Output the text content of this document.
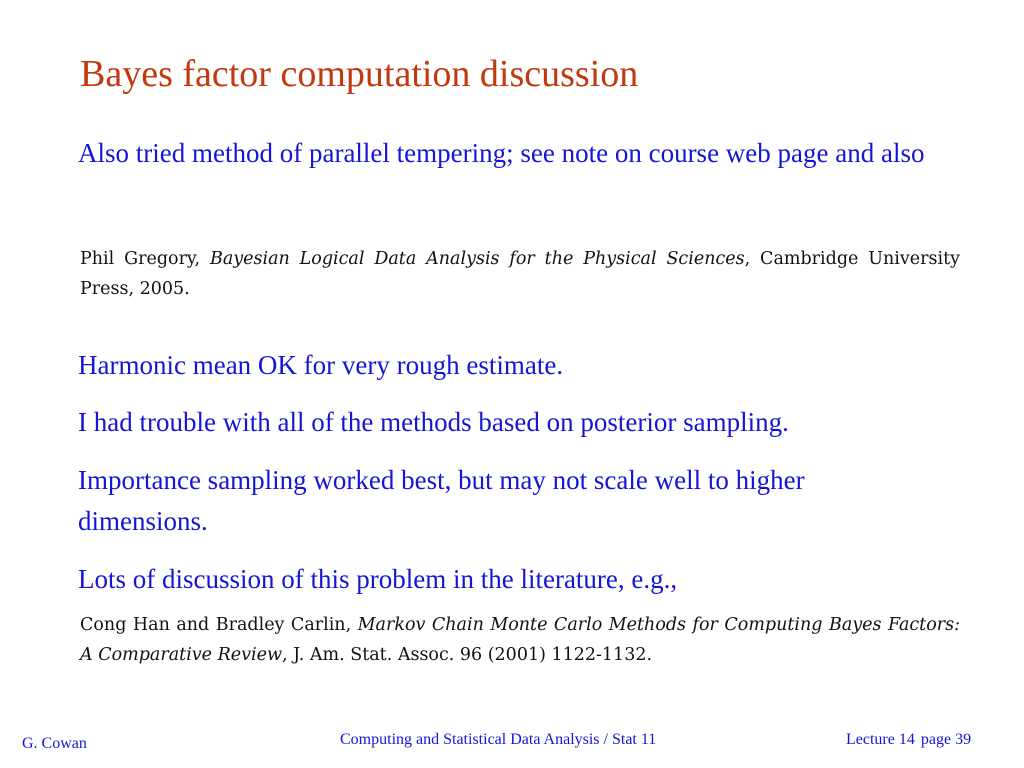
Bayes factor computation discussion
Also tried method of parallel tempering; see note on course web page and also
Phil Gregory, Bayesian Logical Data Analysis for the Physical Sciences, Cambridge University Press, 2005.
Harmonic mean OK for very rough estimate.
I had trouble with all of the methods based on posterior sampling.
Importance sampling worked best, but may not scale well to higher dimensions.
Lots of discussion of this problem in the literature, e.g.,
Cong Han and Bradley Carlin, Markov Chain Monte Carlo Methods for Computing Bayes Factors: A Comparative Review, J. Am. Stat. Assoc. 96 (2001) 1122-1132.
G. Cowan	Computing and Statistical Data Analysis / Stat 11	Lecture 14 page 39
